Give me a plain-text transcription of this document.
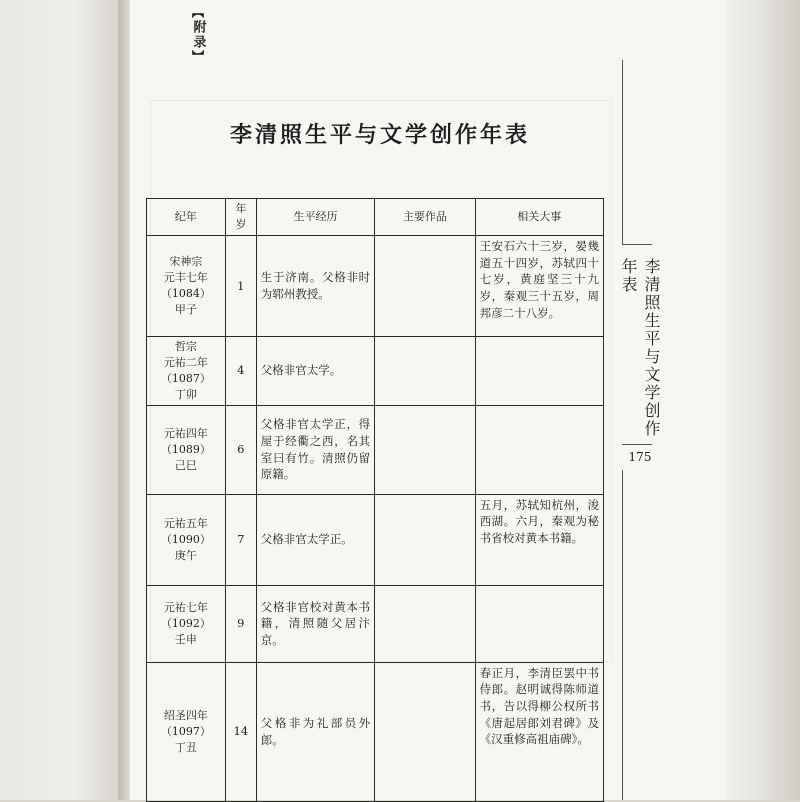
【
附录
】
李清照生平与文学创作年表
李清照生平与文学创作年表
175
纪年	年岁	生平经历	主要作品	相关大事

宋神宗
元丰七年
（1084）
甲子	1	生于济南。父格非时为郓州教授。		王安石六十三岁，晏幾道五十四岁，苏轼四十七岁，黄庭坚三十九岁，秦观三十五岁，周邦彦二十八岁。

哲宗
元祐二年
（1087）
丁卯	4	父格非官太学。		

元祐四年
（1089）
己巳	6	父格非官太学正，得屋于经衢之西，名其室曰有竹。清照仍留原籍。		

元祐五年
（1090）
庚午	7	父格非官太学正。		五月，苏轼知杭州，浚西湖。六月，秦观为秘书省校对黄本书籍。

元祐七年
（1092）
壬申	9	父格非官校对黄本书籍，清照随父居汴京。		

绍圣四年
（1097）
丁丑	14	父格非为礼部员外郎。		春正月，李清臣罢中书侍郎。赵明诚得陈师道书，告以得柳公权所书《唐起居郎刘君碑》及《汉重修高祖庙碑》。
